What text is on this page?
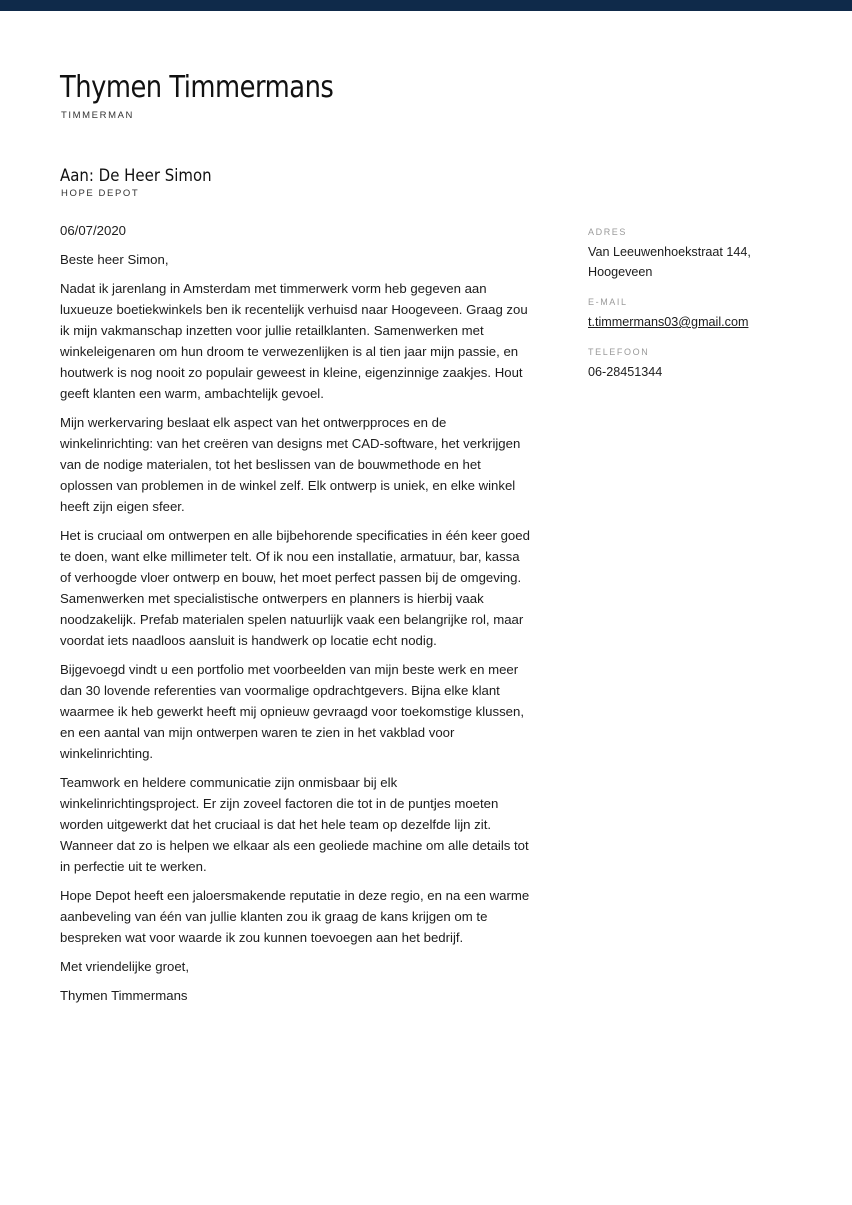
Thymen Timmermans
TIMMERMAN
Aan: De Heer Simon
HOPE DEPOT

06/07/2020

Beste heer Simon,

Nadat ik jarenlang in Amsterdam met timmerwerk vorm heb gegeven aan luxueuze boetiekwinkels ben ik recentelijk verhuisd naar Hoogeveen. Graag zou ik mijn vakmanschap inzetten voor jullie retailklanten. Samenwerken met winkeleigenaren om hun droom te verwezenlijken is al tien jaar mijn passie, en houtwerk is nog nooit zo populair geweest in kleine, eigenzinnige zaakjes. Hout geeft klanten een warm, ambachtelijk gevoel.

Mijn werkervaring beslaat elk aspect van het ontwerpproces en de winkelinrichting: van het creëren van designs met CAD-software, het verkrijgen van de nodige materialen, tot het beslissen van de bouwmethode en het oplossen van problemen in de winkel zelf. Elk ontwerp is uniek, en elke winkel heeft zijn eigen sfeer.

Het is cruciaal om ontwerpen en alle bijbehorende specificaties in één keer goed te doen, want elke millimeter telt. Of ik nou een installatie, armatuur, bar, kassa of verhoogde vloer ontwerp en bouw, het moet perfect passen bij de omgeving. Samenwerken met specialistische ontwerpers en planners is hierbij vaak noodzakelijk. Prefab materialen spelen natuurlijk vaak een belangrijke rol, maar voordat iets naadloos aansluit is handwerk op locatie echt nodig.

Bijgevoegd vindt u een portfolio met voorbeelden van mijn beste werk en meer dan 30 lovende referenties van voormalige opdrachtgevers. Bijna elke klant waarmee ik heb gewerkt heeft mij opnieuw gevraagd voor toekomstige klussen, en een aantal van mijn ontwerpen waren te zien in het vakblad voor winkelinrichting.

Teamwork en heldere communicatie zijn onmisbaar bij elk winkelinrichtingsproject. Er zijn zoveel factoren die tot in de puntjes moeten worden uitgewerkt dat het cruciaal is dat het hele team op dezelfde lijn zit. Wanneer dat zo is helpen we elkaar als een geoliede machine om alle details tot in perfectie uit te werken.

Hope Depot heeft een jaloersmakende reputatie in deze regio, en na een warme aanbeveling van één van jullie klanten zou ik graag de kans krijgen om te bespreken wat voor waarde ik zou kunnen toevoegen aan het bedrijf.

Met vriendelijke groet,

Thymen Timmermans

ADRES
Van Leeuwenhoekstraat 144,
Hoogeveen
E-MAIL
t.timmermans03@gmail.com
TELEFOON
06-28451344
